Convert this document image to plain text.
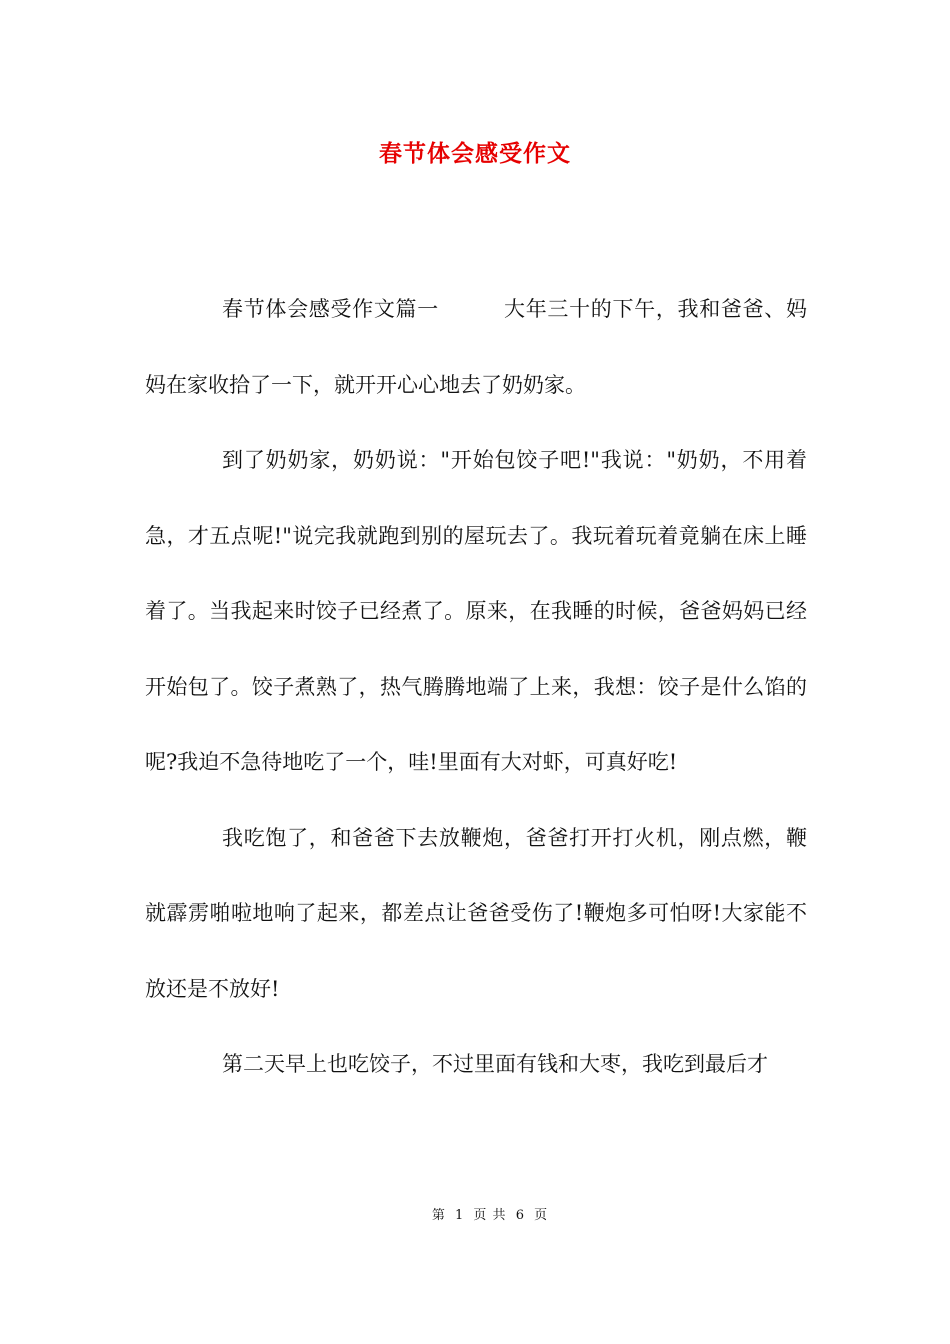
春节体会感受作文

春节体会感受作文篇一　　　大年三十的下午，我和爸爸、妈妈在家收拾了一下，就开开心心地去了奶奶家。

到了奶奶家，奶奶说："开始包饺子吧!"我说："奶奶，不用着急，才五点呢!"说完我就跑到别的屋玩去了。我玩着玩着竟躺在床上睡着了。当我起来时饺子已经煮了。原来，在我睡的时候，爸爸妈妈已经开始包了。饺子煮熟了，热气腾腾地端了上来，我想：饺子是什么馅的呢?我迫不急待地吃了一个，哇!里面有大对虾，可真好吃!

我吃饱了，和爸爸下去放鞭炮，爸爸打开打火机，刚点燃，鞭就霹雳啪啦地响了起来，都差点让爸爸受伤了!鞭炮多可怕呀!大家能不放还是不放好!

第二天早上也吃饺子，不过里面有钱和大枣，我吃到最后才

第 1 页 共 6 页
